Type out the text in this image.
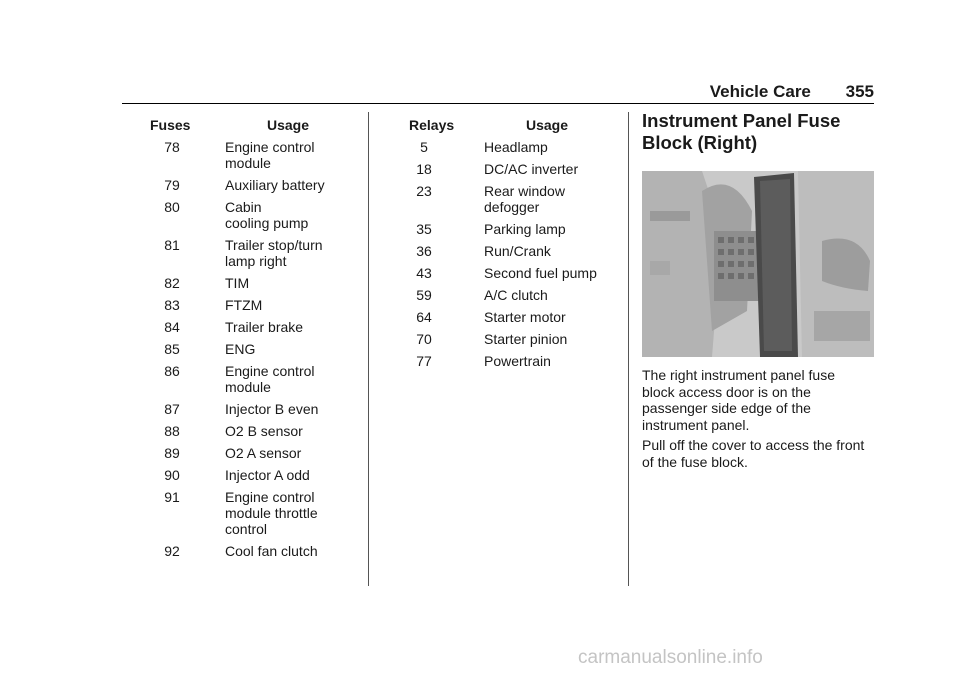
Vehicle Care 355
Fuses	Usage
78	Engine control
module
79	Auxiliary battery
80	Cabin
cooling pump
81	Trailer stop/turn
lamp right
82	TIM
83	FTZM
84	Trailer brake
85	ENG
86	Engine control
module
87	Injector B even
88	O2 B sensor
89	O2 A sensor
90	Injector A odd
91	Engine control
module throttle
control
92	Cool fan clutch
Relays	Usage
5	Headlamp
18	DC/AC inverter
23	Rear window
defogger
35	Parking lamp
36	Run/Crank
43	Second fuel pump
59	A/C clutch
64	Starter motor
70	Starter pinion
77	Powertrain
Instrument Panel Fuse
Block (Right)
The right instrument panel fuse
block access door is on the
passenger side edge of the
instrument panel.
Pull off the cover to access the front
of the fuse block.
carmanualsonline.info
